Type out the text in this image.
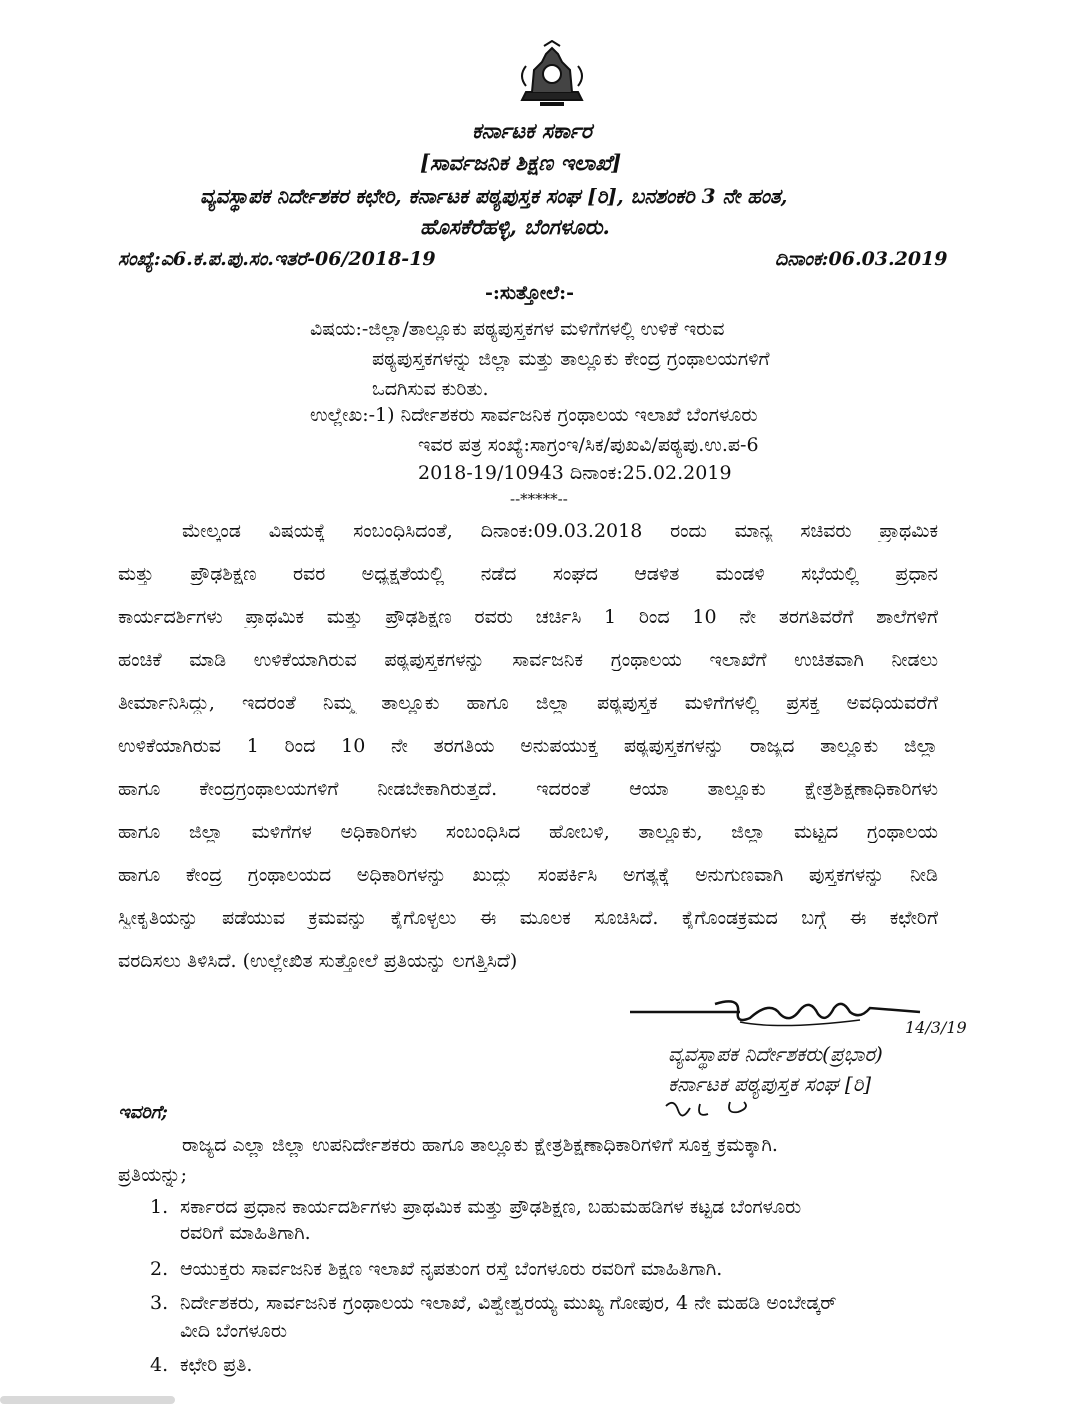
ಕರ್ನಾಟಕ ಸರ್ಕಾರ
[ಸಾರ್ವಜನಿಕ ಶಿಕ್ಷಣ ಇಲಾಖೆ]
ವ್ಯವಸ್ಥಾಪಕ ನಿರ್ದೇಶಕರ ಕಛೇರಿ, ಕರ್ನಾಟಕ ಪಠ್ಯಪುಸ್ತಕ ಸಂಘ [ರಿ], ಬನಶಂಕರಿ 3 ನೇ ಹಂತ,
ಹೊಸಕೆರೆಹಳ್ಳಿ, ಬೆಂಗಳೂರು.
ಸಂಖ್ಯೆ:ಎ6.ಕ.ಪ.ಪು.ಸಂ.ಇತರೆ-06/2018-19	ದಿನಾಂಕ:06.03.2019
-:ಸುತ್ತೋಲೆ:-
ವಿಷಯ:-ಜಿಲ್ಲಾ/ತಾಲ್ಲೂಕು ಪಠ್ಯಪುಸ್ತಕಗಳ ಮಳಿಗೆಗಳಲ್ಲಿ ಉಳಿಕೆ ಇರುವ
ಪಠ್ಯಪುಸ್ತಕಗಳನ್ನು ಜಿಲ್ಲಾ ಮತ್ತು ತಾಲ್ಲೂಕು ಕೇಂದ್ರ ಗ್ರಂಥಾಲಯಗಳಿಗೆ
ಒದಗಿಸುವ ಕುರಿತು.
ಉಲ್ಲೇಖ:-1) ನಿರ್ದೇಶಕರು ಸಾರ್ವಜನಿಕ ಗ್ರಂಥಾಲಯ ಇಲಾಖೆ ಬೆಂಗಳೂರು
ಇವರ ಪತ್ರ ಸಂಖ್ಯೆ:ಸಾಗ್ರಂಇ/ಸಿಕ/ಪುಖವಿ/ಪಠ್ಯಪು.ಉ.ಪ-6
2018-19/10943 ದಿನಾಂಕ:25.02.2019
--*****--
ಮೇಲ್ಕಂಡ ವಿಷಯಕ್ಕೆ ಸಂಬಂಧಿಸಿದಂತೆ, ದಿನಾಂಕ:09.03.2018 ರಂದು ಮಾನ್ಯ ಸಚಿವರು ಪ್ರಾಥಮಿಕ
ಮತ್ತು ಪ್ರೌಢಶಿಕ್ಷಣ ರವರ ಅಧ್ಯಕ್ಷತೆಯಲ್ಲಿ ನಡೆದ ಸಂಘದ ಆಡಳಿತ ಮಂಡಳಿ ಸಭೆಯಲ್ಲಿ ಪ್ರಧಾನ
ಕಾರ್ಯದರ್ಶಿಗಳು ಪ್ರಾಥಮಿಕ ಮತ್ತು ಪ್ರೌಢಶಿಕ್ಷಣ ರವರು ಚರ್ಚಿಸಿ 1 ರಿಂದ 10 ನೇ ತರಗತಿವರೆಗೆ ಶಾಲೆಗಳಿಗೆ
ಹಂಚಿಕೆ ಮಾಡಿ ಉಳಿಕೆಯಾಗಿರುವ ಪಠ್ಯಪುಸ್ತಕಗಳನ್ನು ಸಾರ್ವಜನಿಕ ಗ್ರಂಥಾಲಯ ಇಲಾಖೆಗೆ ಉಚಿತವಾಗಿ ನೀಡಲು
ತೀರ್ಮಾನಿಸಿದ್ದು, ಇದರಂತೆ ನಿಮ್ಮ ತಾಲ್ಲೂಕು ಹಾಗೂ ಜಿಲ್ಲಾ ಪಠ್ಯಪುಸ್ತಕ ಮಳಿಗೆಗಳಲ್ಲಿ ಪ್ರಸಕ್ತ ಅವಧಿಯವರೆಗೆ
ಉಳಿಕೆಯಾಗಿರುವ 1 ರಿಂದ 10 ನೇ ತರಗತಿಯ ಅನುಪಯುಕ್ತ ಪಠ್ಯಪುಸ್ತಕಗಳನ್ನು ರಾಜ್ಯದ ತಾಲ್ಲೂಕು ಜಿಲ್ಲಾ
ಹಾಗೂ ಕೇಂದ್ರಗ್ರಂಥಾಲಯಗಳಿಗೆ ನೀಡಬೇಕಾಗಿರುತ್ತದೆ. ಇದರಂತೆ ಆಯಾ ತಾಲ್ಲೂಕು ಕ್ಷೇತ್ರಶಿಕ್ಷಣಾಧಿಕಾರಿಗಳು
ಹಾಗೂ ಜಿಲ್ಲಾ ಮಳಿಗೆಗಳ ಅಧಿಕಾರಿಗಳು ಸಂಬಂಧಿಸಿದ ಹೋಬಳಿ, ತಾಲ್ಲೂಕು, ಜಿಲ್ಲಾ ಮಟ್ಟದ ಗ್ರಂಥಾಲಯ
ಹಾಗೂ ಕೇಂದ್ರ ಗ್ರಂಥಾಲಯದ ಅಧಿಕಾರಿಗಳನ್ನು ಖುದ್ದು ಸಂಪರ್ಕಿಸಿ ಅಗತ್ಯಕ್ಕೆ ಅನುಗುಣವಾಗಿ ಪುಸ್ತಕಗಳನ್ನು ನೀಡಿ
ಸ್ವೀಕೃತಿಯನ್ನು ಪಡೆಯುವ ಕ್ರಮವನ್ನು ಕೈಗೊಳ್ಳಲು ಈ ಮೂಲಕ ಸೂಚಿಸಿದೆ. ಕೈಗೊಂಡಕ್ರಮದ ಬಗ್ಗೆ ಈ ಕಛೇರಿಗೆ
ವರದಿಸಲು ತಿಳಿಸಿದೆ. (ಉಲ್ಲೇಖಿತ ಸುತ್ತೋಲೆ ಪ್ರತಿಯನ್ನು ಲಗತ್ತಿಸಿದೆ)
14/3/19
ವ್ಯವಸ್ಥಾಪಕ ನಿರ್ದೇಶಕರು(ಪ್ರಭಾರ)
ಕರ್ನಾಟಕ ಪಠ್ಯಪುಸ್ತಕ ಸಂಘ [ರಿ]
ಇವರಿಗೆ;
ರಾಜ್ಯದ ಎಲ್ಲಾ ಜಿಲ್ಲಾ ಉಪನಿರ್ದೇಶಕರು ಹಾಗೂ ತಾಲ್ಲೂಕು ಕ್ಷೇತ್ರಶಿಕ್ಷಣಾಧಿಕಾರಿಗಳಿಗೆ ಸೂಕ್ತ ಕ್ರಮಕ್ಕಾಗಿ.
ಪ್ರತಿಯನ್ನು;
1. ಸರ್ಕಾರದ ಪ್ರಧಾನ ಕಾರ್ಯದರ್ಶಿಗಳು ಪ್ರಾಥಮಿಕ ಮತ್ತು ಪ್ರೌಢಶಿಕ್ಷಣ, ಬಹುಮಹಡಿಗಳ ಕಟ್ಟಡ ಬೆಂಗಳೂರು
ರವರಿಗೆ ಮಾಹಿತಿಗಾಗಿ.
2. ಆಯುಕ್ತರು ಸಾರ್ವಜನಿಕ ಶಿಕ್ಷಣ ಇಲಾಖೆ ನೃಪತುಂಗ ರಸ್ತೆ ಬೆಂಗಳೂರು ರವರಿಗೆ ಮಾಹಿತಿಗಾಗಿ.
3. ನಿರ್ದೇಶಕರು, ಸಾರ್ವಜನಿಕ ಗ್ರಂಥಾಲಯ ಇಲಾಖೆ, ವಿಶ್ವೇಶ್ವರಯ್ಯ ಮುಖ್ಯ ಗೋಪುರ, 4 ನೇ ಮಹಡಿ ಅಂಬೇಡ್ಕರ್
ವೀದಿ ಬೆಂಗಳೂರು
4. ಕಛೇರಿ ಪ್ರತಿ.
